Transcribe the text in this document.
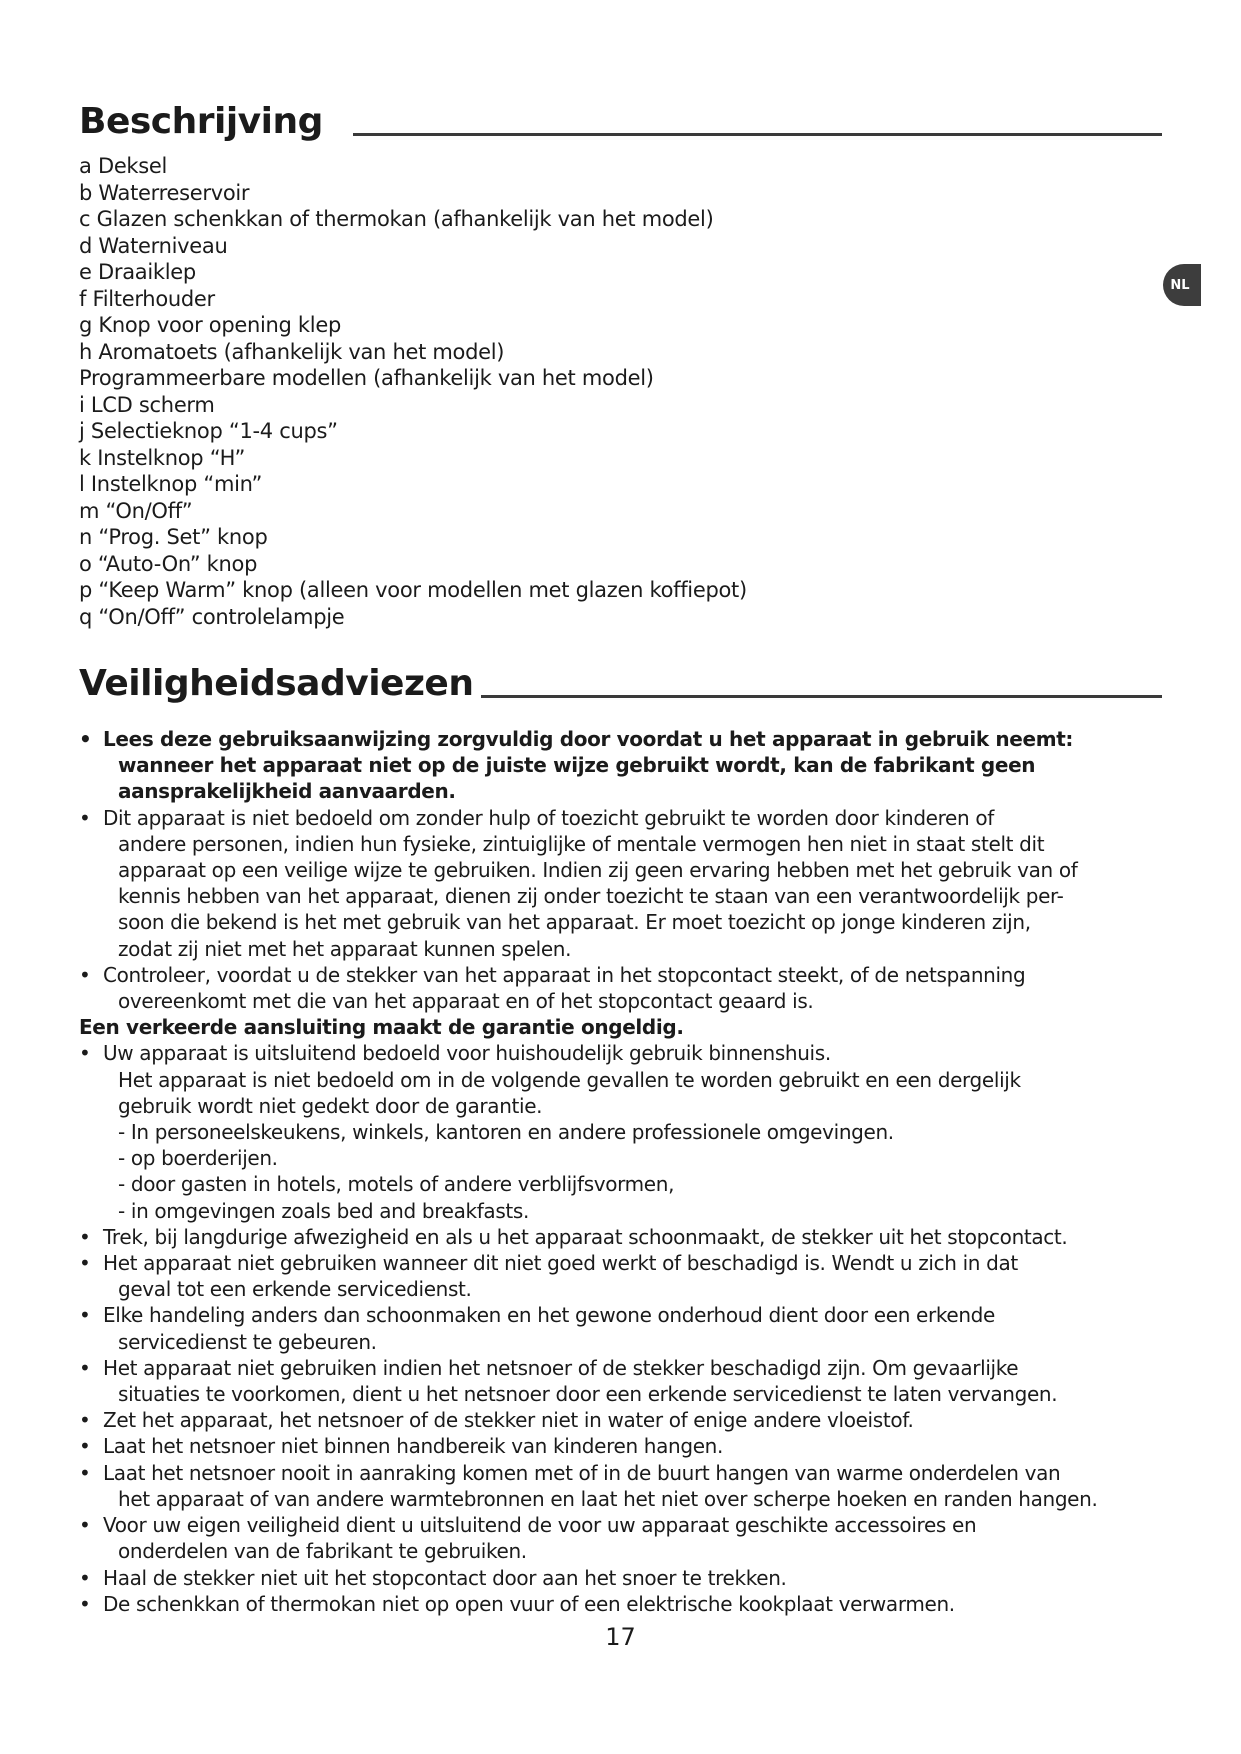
Beschrijving
a Deksel
b Waterreservoir
c Glazen schenkkan of thermokan (afhankelijk van het model)
d Waterniveau
e Draaiklep
f Filterhouder
g Knop voor opening klep
h Aromatoets (afhankelijk van het model)
Programmeerbare modellen (afhankelijk van het model)
i LCD scherm
j Selectieknop “1-4 cups”
k Instelknop “H”
l Instelknop “min”
m “On/Off”
n “Prog. Set” knop
o “Auto-On” knop
p “Keep Warm” knop (alleen voor modellen met glazen koffiepot)
q “On/Off” controlelampje
NL
Veiligheidsadviezen
• Lees deze gebruiksaanwijzing zorgvuldig door voordat u het apparaat in gebruik neemt:
wanneer het apparaat niet op de juiste wijze gebruikt wordt, kan de fabrikant geen
aansprakelijkheid aanvaarden.
• Dit apparaat is niet bedoeld om zonder hulp of toezicht gebruikt te worden door kinderen of
andere personen, indien hun fysieke, zintuiglijke of mentale vermogen hen niet in staat stelt dit
apparaat op een veilige wijze te gebruiken. Indien zij geen ervaring hebben met het gebruik van of
kennis hebben van het apparaat, dienen zij onder toezicht te staan van een verantwoordelijk per-
soon die bekend is het met gebruik van het apparaat. Er moet toezicht op jonge kinderen zijn,
zodat zij niet met het apparaat kunnen spelen.
• Controleer, voordat u de stekker van het apparaat in het stopcontact steekt, of de netspanning
overeenkomt met die van het apparaat en of het stopcontact geaard is.
Een verkeerde aansluiting maakt de garantie ongeldig.
• Uw apparaat is uitsluitend bedoeld voor huishoudelijk gebruik binnenshuis.
Het apparaat is niet bedoeld om in de volgende gevallen te worden gebruikt en een dergelijk
gebruik wordt niet gedekt door de garantie.
- In personeelskeukens, winkels, kantoren en andere professionele omgevingen.
- op boerderijen.
- door gasten in hotels, motels of andere verblijfsvormen,
- in omgevingen zoals bed and breakfasts.
• Trek, bij langdurige afwezigheid en als u het apparaat schoonmaakt, de stekker uit het stopcontact.
• Het apparaat niet gebruiken wanneer dit niet goed werkt of beschadigd is. Wendt u zich in dat
geval tot een erkende servicedienst.
• Elke handeling anders dan schoonmaken en het gewone onderhoud dient door een erkende
servicedienst te gebeuren.
• Het apparaat niet gebruiken indien het netsnoer of de stekker beschadigd zijn. Om gevaarlijke
situaties te voorkomen, dient u het netsnoer door een erkende servicedienst te laten vervangen.
• Zet het apparaat, het netsnoer of de stekker niet in water of enige andere vloeistof.
• Laat het netsnoer niet binnen handbereik van kinderen hangen.
• Laat het netsnoer nooit in aanraking komen met of in de buurt hangen van warme onderdelen van
het apparaat of van andere warmtebronnen en laat het niet over scherpe hoeken en randen hangen.
• Voor uw eigen veiligheid dient u uitsluitend de voor uw apparaat geschikte accessoires en
onderdelen van de fabrikant te gebruiken.
• Haal de stekker niet uit het stopcontact door aan het snoer te trekken.
• De schenkkan of thermokan niet op open vuur of een elektrische kookplaat verwarmen.
17
